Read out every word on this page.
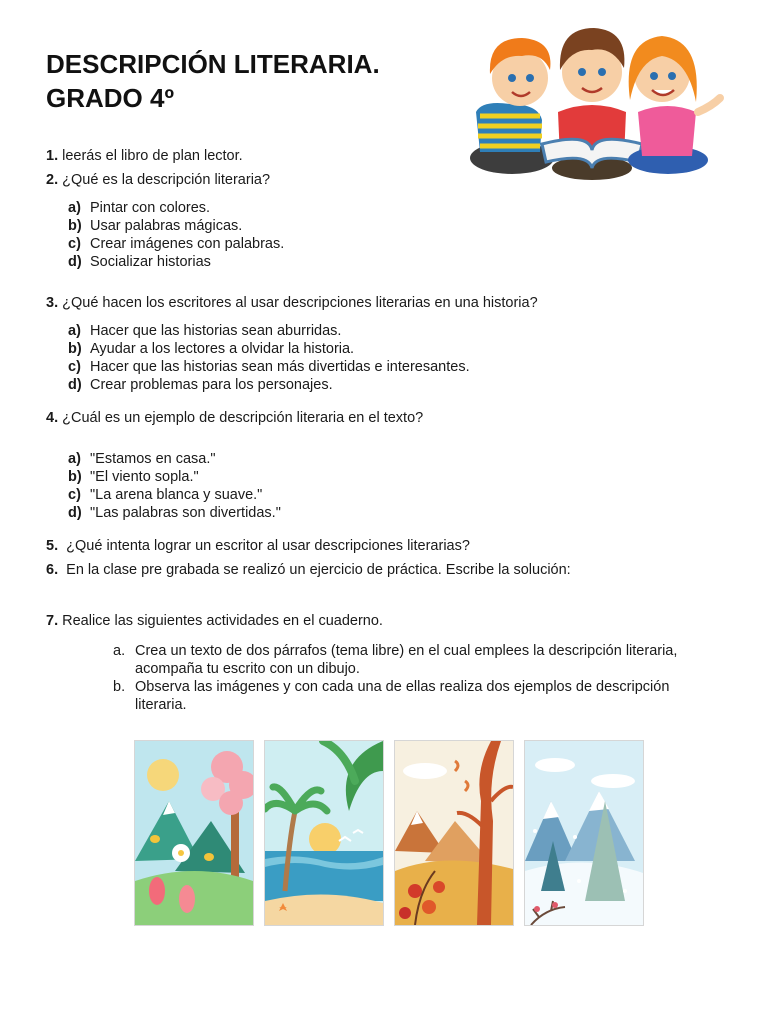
DESCRIPCIÓN LITERARIA.
GRADO 4º
1. leerás el libro de plan lector.
2. ¿Qué es la descripción literaria?
a) Pintar con colores.
b) Usar palabras mágicas.
c) Crear imágenes con palabras.
d) Socializar historias
3. ¿Qué hacen los escritores al usar descripciones literarias en una historia?
a) Hacer que las historias sean aburridas.
b) Ayudar a los lectores a olvidar la historia.
c) Hacer que las historias sean más divertidas e interesantes.
d) Crear problemas para los personajes.
4. ¿Cuál es un ejemplo de descripción literaria en el texto?
a) "Estamos en casa."
b) "El viento sopla."
c) "La arena blanca y suave."
d) "Las palabras son divertidas."
5. ¿Qué intenta lograr un escritor al usar descripciones literarias?
6. En la clase pre grabada se realizó un ejercicio de práctica. Escribe la solución:
7. Realice las siguientes actividades en el cuaderno.
a. Crea un texto de dos párrafos (tema libre) en el cual emplees la descripción literaria, acompaña tu escrito con un dibujo.
b. Observa las imágenes y con cada una de ellas realiza dos ejemplos de descripción literaria.
